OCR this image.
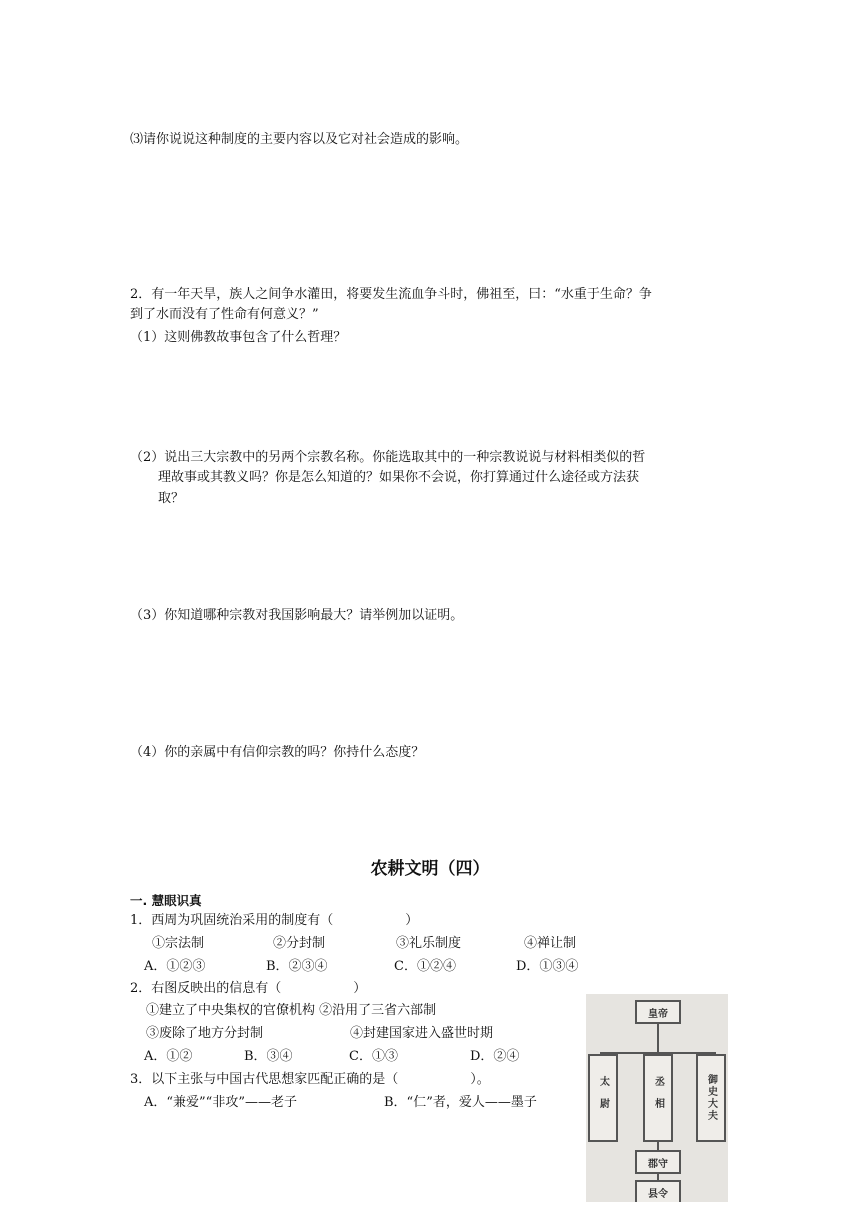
⑶请你说说这种制度的主要内容以及它对社会造成的影响。
2．有一年天旱，族人之间争水灌田，将要发生流血争斗时，佛祖至，曰：“水重于生命？争
到了水而没有了性命有何意义？”
（1）这则佛教故事包含了什么哲理？
（2）说出三大宗教中的另两个宗教名称。你能选取其中的一种宗教说说与材料相类似的哲
理故事或其教义吗？你是怎么知道的？如果你不会说，你打算通过什么途径或方法获
取？
（3）你知道哪种宗教对我国影响最大？请举例加以证明。
（4）你的亲属中有信仰宗教的吗？你持什么态度？
农耕文明（四）
一. 慧眼识真
1．西周为巩固统治采用的制度有（	）
①宗法制	②分封制	③礼乐制度	④禅让制
A．①②③	B．②③④	C．①②④	D．①③④
2．右图反映出的信息有（	）
①建立了中央集权的官僚机构 ②沿用了三省六部制
③废除了地方分封制	④封建国家进入盛世时期
A．①②	B．③④	C．①③	D．②④
3．以下主张与中国古代思想家匹配正确的是（	）。
A．“兼爱”“非攻”——老子	B．“仁”者，爱人——墨子
皇帝
太尉	丞相	御史大夫
郡守
县令
